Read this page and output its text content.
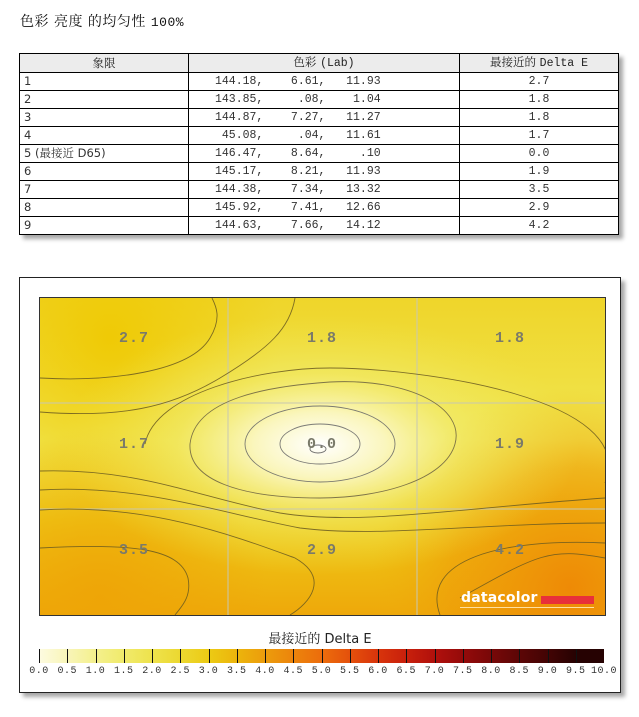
色彩 亮度 的均匀性 100%
象限	色彩 (Lab)	最接近的 Delta E
1	144.18,    6.61,   11.93	2.7
2	143.85,     .08,    1.04	1.8
3	144.87,    7.27,   11.27	1.8
4	45.08,     .04,   11.61	1.7
5 (最接近 D65)	146.47,    8.64,     .10	0.0
6	145.17,    8.21,   11.93	1.9
7	144.38,    7.34,   13.32	3.5
8	145.92,    7.41,   12.66	2.9
9	144.63,    7.66,   14.12	4.2
2.7	1.8	1.8
1.7	0.0	1.9
3.5	2.9	4.2
datacolor
最接近的 Delta E
0.0 0.5 1.0 1.5 2.0 2.5 3.0 3.5 4.0 4.5 5.0 5.5 6.0 6.5 7.0 7.5 8.0 8.5 9.0 9.5 10.0
